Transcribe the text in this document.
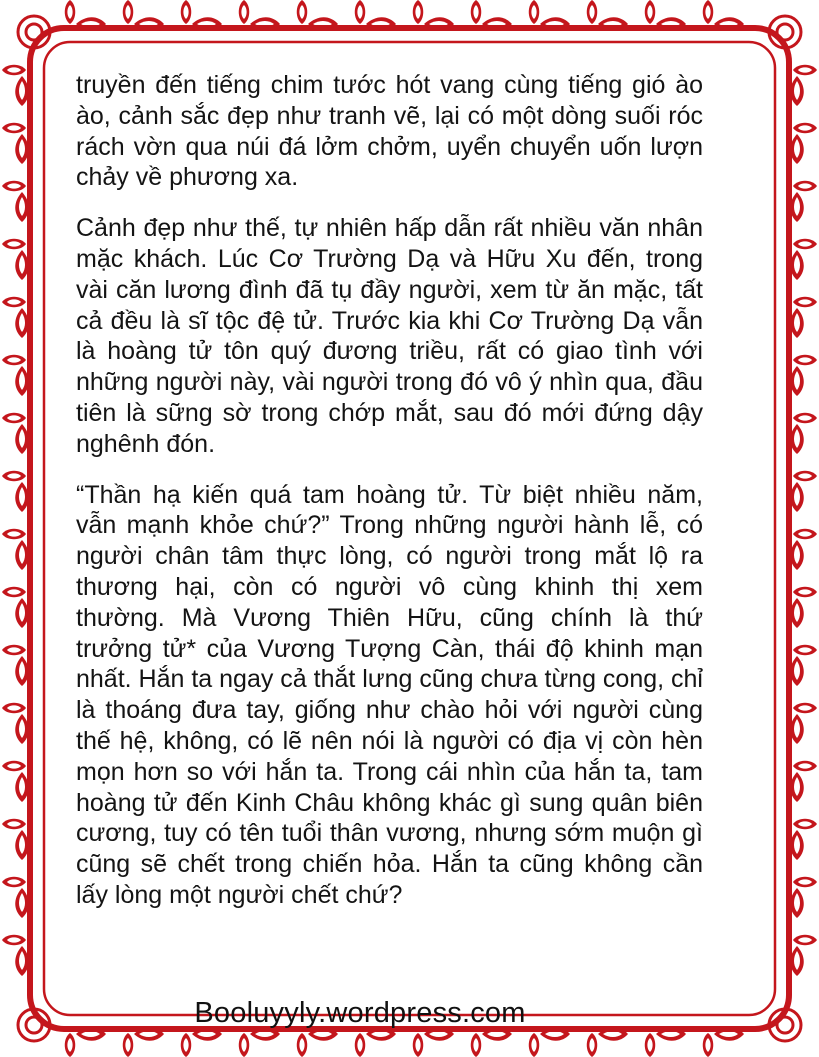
truyền đến tiếng chim tước hót vang cùng tiếng gió ào ào, cảnh sắc đẹp như tranh vẽ, lại có một dòng suối róc rách vờn qua núi đá lởm chởm, uyển chuyển uốn lượn chảy về phương xa.

Cảnh đẹp như thế, tự nhiên hấp dẫn rất nhiều văn nhân mặc khách. Lúc Cơ Trường Dạ và Hữu Xu đến, trong vài căn lương đình đã tụ đầy người, xem từ ăn mặc, tất cả đều là sĩ tộc đệ tử. Trước kia khi Cơ Trường Dạ vẫn là hoàng tử tôn quý đương triều, rất có giao tình với những người này, vài người trong đó vô ý nhìn qua, đầu tiên là sững sờ trong chớp mắt, sau đó mới đứng dậy nghênh đón.

“Thần hạ kiến quá tam hoàng tử. Từ biệt nhiều năm, vẫn mạnh khỏe chứ?” Trong những người hành lễ, có người chân tâm thực lòng, có người trong mắt lộ ra thương hại, còn có người vô cùng khinh thị xem thường. Mà Vương Thiên Hữu, cũng chính là thứ trưởng tử* của Vương Tượng Càn, thái độ khinh mạn nhất. Hắn ta ngay cả thắt lưng cũng chưa từng cong, chỉ là thoáng đưa tay, giống như chào hỏi với người cùng thế hệ, không, có lẽ nên nói là người có địa vị còn hèn mọn hơn so với hắn ta. Trong cái nhìn của hắn ta, tam hoàng tử đến Kinh Châu không khác gì sung quân biên cương, tuy có tên tuổi thân vương, nhưng sớm muộn gì cũng sẽ chết trong chiến hỏa. Hắn ta cũng không cần lấy lòng một người chết chứ?

Booluyyly.wordpress.com
